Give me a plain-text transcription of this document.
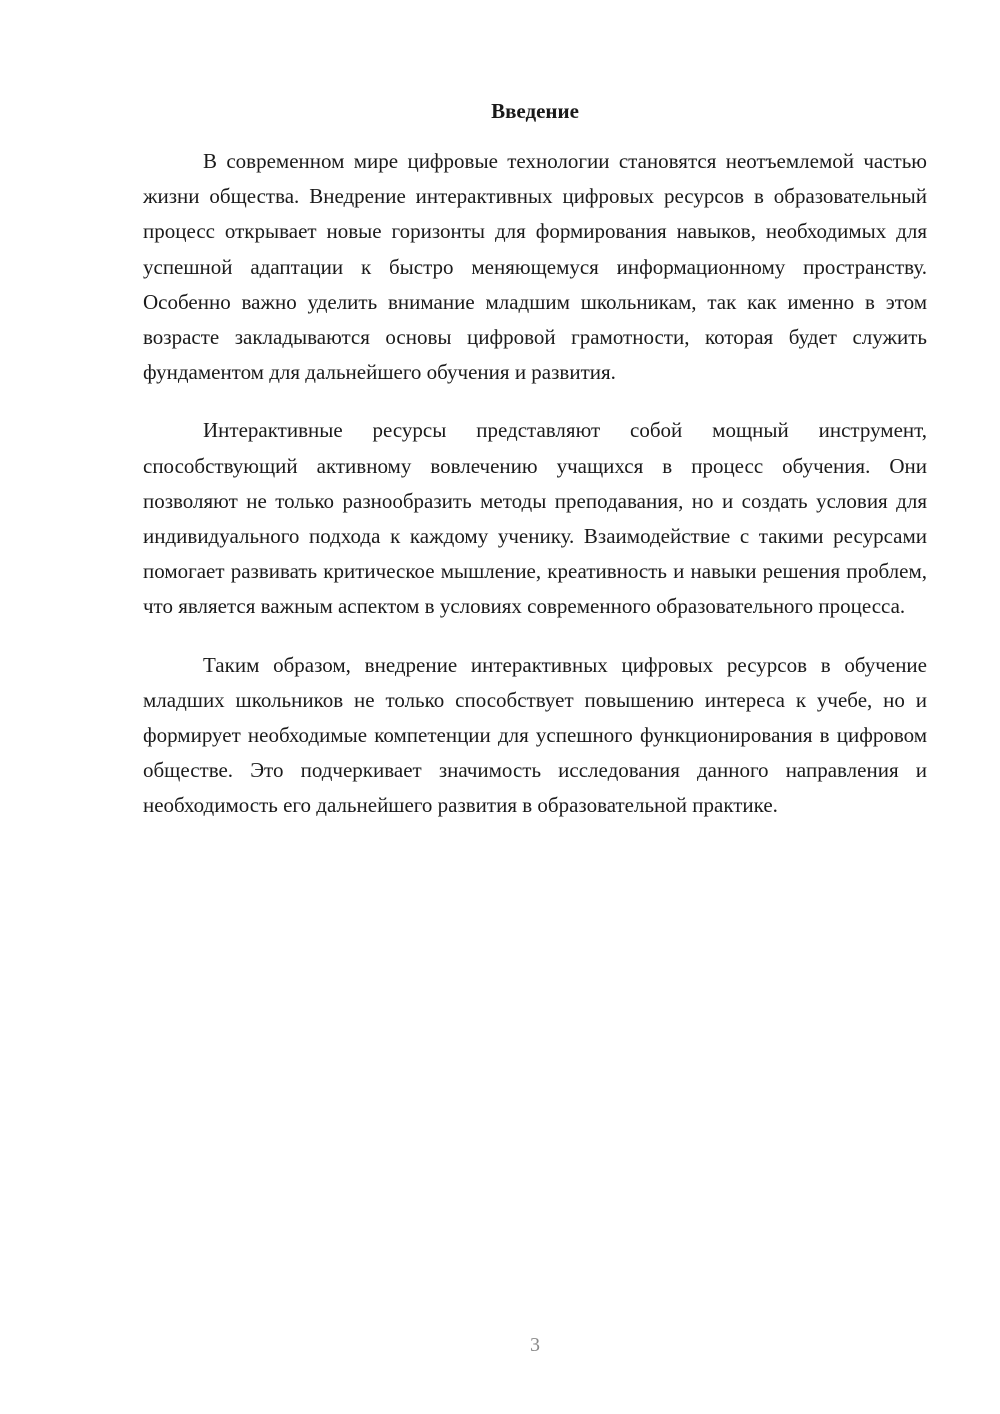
Введение

В современном мире цифровые технологии становятся неотъемлемой частью жизни общества. Внедрение интерактивных цифровых ресурсов в образовательный процесс открывает новые горизонты для формирования навыков, необходимых для успешной адаптации к быстро меняющемуся информационному пространству. Особенно важно уделить внимание младшим школьникам, так как именно в этом возрасте закладываются основы цифровой грамотности, которая будет служить фундаментом для дальнейшего обучения и развития.

Интерактивные ресурсы представляют собой мощный инструмент, способствующий активному вовлечению учащихся в процесс обучения. Они позволяют не только разнообразить методы преподавания, но и создать условия для индивидуального подхода к каждому ученику. Взаимодействие с такими ресурсами помогает развивать критическое мышление, креативность и навыки решения проблем, что является важным аспектом в условиях современного образовательного процесса.

Таким образом, внедрение интерактивных цифровых ресурсов в обучение младших школьников не только способствует повышению интереса к учебе, но и формирует необходимые компетенции для успешного функционирования в цифровом обществе. Это подчеркивает значимость исследования данного направления и необходимость его дальнейшего развития в образовательной практике.

3
